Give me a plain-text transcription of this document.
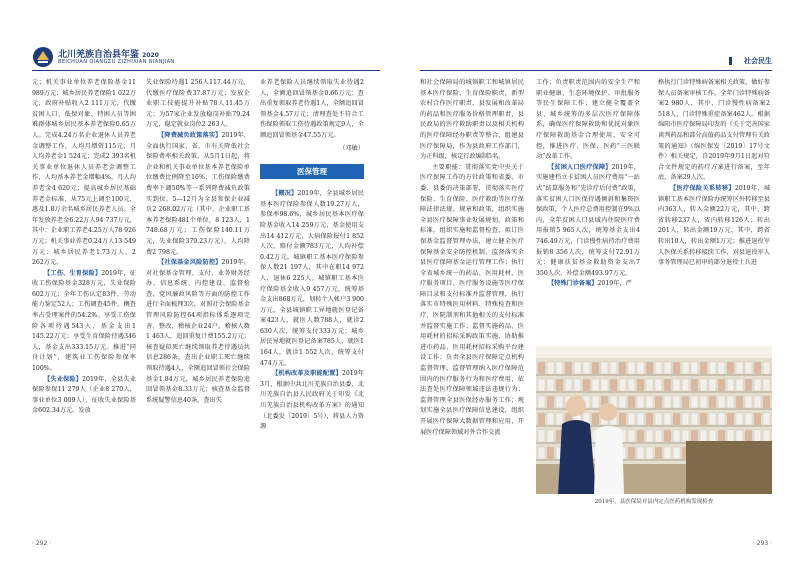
北川羌族自治县年鉴 2020
BEICHUAN QIANGZU ZIZHIXIAN NIANJIAN

元；机关事业单位养老保险基金11 989万元；城乡居民养老保险1 022万元，政府补贴收入2 111万元，代缴贫困人口、低保对象、特困人员等困难群体城乡居民基本养老保险0.65万人。完成4.24万名企业退休人员养老金调整工作，人均月增资115元，月人均养老金1 524元；完成2 393名机关事业单位退休人员养老金调整工作，人均基本养老金增幅4%，月人均养老金4 620元；提高城乡居民基础养老金标准，从75元上调至100元，惠及1.8万余名城乡居民养老人员。全年发放养老金6.22万人94 737万元，其中：企业职工养老4.25万人78 926万元；机关事业养老0.24万人13 549万元；城乡居民养老1.73万人，2 262万元。

【工伤、生育保险】2019年，征收工伤保险基金328万元，失业保险602万元；全年工伤认定83件，劳动能力鉴定52人；工伤调查45件，稠查率占受理案件的54.2%。享受工伤保险各项待遇543人，基金支出1 145.22万元；享受生育保险待遇346人，基金支出333.15万元。推进“同舟计划”，建筑业工伤保险参保率100%。

【失业保险】2019年，全县失业保险参保11 279人（企业8 270人，事业单位3 009人），征收失业保险基金602.34万元。发放

失业保险待遇1 256人117.44万元，代缴医疗保险费37.87万元；发放企业职工技能提升补贴78人11.45万元；为57家企业发放稳岗补贴79.24万元，稳定就业岗位2 263人。

【降费减负政策落实】2019年，全面执行国家、省、市有关降低社会保险费率相关政策，从5月1日起，将企业和机关事业单位基本养老保险单位缴费比例降至16%，工伤保险缴费费率下调50%等一系列降费减负政策实到位。5—12月为全县参保企业减负2 268.02万元（其中，企业职工基本养老保险481个单位，8 123人，1 748.68万元；工伤保险140.11万元，失业保险379.23万元），人均降费2 798元。

【社保基金风险防控】2019年，对社保基金管理、支付、业务财务经办、信息系统、内控建设、监督检查、党风廉政风险等方面的防控工作进行全面梳理3次，对照社会保险基金管理风险防控64项指标体系逐项完善、整改，稽核企业24户，稽核人数1 463人，追回重复计费155.2万元；核查疑似死亡继续领取养老待遇员共信息286条，查出企业职工死亡继续领取待遇4人，全额追回冒领社会保险基金1.84万元，城乡居民养老保险追回冒领基金8.33万元；核查基金监督系统疑警信息40条，查出失

业养老保险人员继续领取失业待遇2人，全额追回冒领基金0.66万元；查出重复领取养老待遇1人，全额追回冒领基金4.57万元；清理查处不符合工伤保险领取工伤待遇政策规定9人，全额追回冒领基金47.55万元。

（邓敏）

医保管理

【概况】2019年，全县城乡居民基本医疗保险参保人数19.27万人，参保率98.6%，城乡居民基本医疗保险基金收入14 259万元，基金使用支出14 412万元，大病保险报付1 852人次，赔付金额783万元，人均补偿0.42万元。城镇职工基本医疗保险参保人数21 197人，其中在职14 972人，退休6 225人。城镇职工基本医疗保险基金收入9 457万元，统筹基金支出868万元，划转个人帐户3 900万元。全县城镇职工异地就医登记备案423人，就医人数788人，就诊2 630人次，统筹支付333万元；城乡居民异地就医登记备案785人，就医1 164人，就诊1 552人次，统筹支付474万元。

【机构改革及职能配置】2019年3月，根据中共北川羌族自治县委、北川羌族自治县人民政府关于印发《北川羌族自治县机构改革方案》的通知（北委发〔2019〕5号），将县人力资源

· 292 ·
社会民生

和社会保障局的城镇职工和城镇居民基本医疗保险、生育保险职责，新型农村合作医疗职责，县发展和改革局的药品和医疗服务价格管理职责，县民政局的医疗救助职责以及相关机构的医疗保障经办职责等整合，组建县医疗保障局，作为县政府工作部门，为正科级，核定行政编制5名。

主要职能：贯彻落实党中央关于医疗保障工作的方针政策和省委、市委、县委的决策部署，贯彻落实医疗保险、生育保险、医疗救助等医疗保障法律法规、规章和政策，组织实施全县医疗保障事业发展规划、政策和标准，组织实施和监督检查，拟订医保基金监督管理办法，建立健全医疗保障基金安全防控机制，监督落实全县医疗保障基金运行管理工作；执行全省城乡统一的药品、医用耗材、医疗服务项目、医疗服务设施等医疗保障目录和支付标准并监督管理，执行落实市特殊医用材料、特殊检查和医疗，医院制剂和其他相关的支付标准并监督实施工作；监督实施药品、医用耗材的招标采购政策实施，协助推进市药品、医用耗材招标采购平台建设工作；负责全县医疗保障定点机构监督管理，监督管理纳入医疗保障范围内的医疗服务行为和医疗费用，依法查处医疗保障领域违法违规行为；监督管理全县医保经办服务工作；规划实施全县医疗保障信息建设，组织开展医疗保障大数据管理和应用，开展医疗保障领域对外合作交流

工作；负责职责范围内的安全生产和职业健康、生态环境保护、审批服务等民生保障工作；建立健全覆盖全县、城乡统筹的多层次医疗保障体系，确保医疗保障救助和优抚对象医疗保障救助基金合理使用、安全可控，推进医疗、医保、医药“三医联动”改革工作。

【贫困人口医疗保障】2019年，实施建档立卡贫困人员医疗费用“一站式”结算服务和“先诊疗后付费”政策，落实贫困人口医保待遇倾斜和集资医保政策，个人医疗总费用控制在9%以内，全年贫困人口县域内住院医疗费用报销5 965人次，统筹基金支出4 746.49万元，门诊慢性病持治疗费用报销8 356人次，统筹支付72.91万元；健康扶贫基金救助资金支出7 350人次，补偿金额493.97万元。

【特殊门诊备案】2019年，严

格执行门诊特殊病备案相关政策，做好参保人员备案审核工作。全年门诊特殊病备案2 980人，其中，门诊慢性病备案2 518人，门诊特殊重症备案462人。根据绵阳市医疗保障局印发的《关于完善国家谈判药品和部分高值药品支付管理有关政策的通知》（绵医保发〔2019〕17号文件）相关规定，自2019年9月1日起对符合文件规定的药疗方案进行备案，至年底，备案29人次。

【医疗保险关系转移】2019年，城镇职工基本医疗保险办统筹区外转移至县内363人，转入金额22万元，其中，跨省转移237人，省内转移126人；转出201人，转出金额19万元，其中，跨省转出10人，转出金额1万元；推进退役军人医保关系转移接续工作，对县退役军人事务管理局已初审的部分退役士兵进

2019年，县医保局对县内定点医药机构发现检查
· 293 ·
